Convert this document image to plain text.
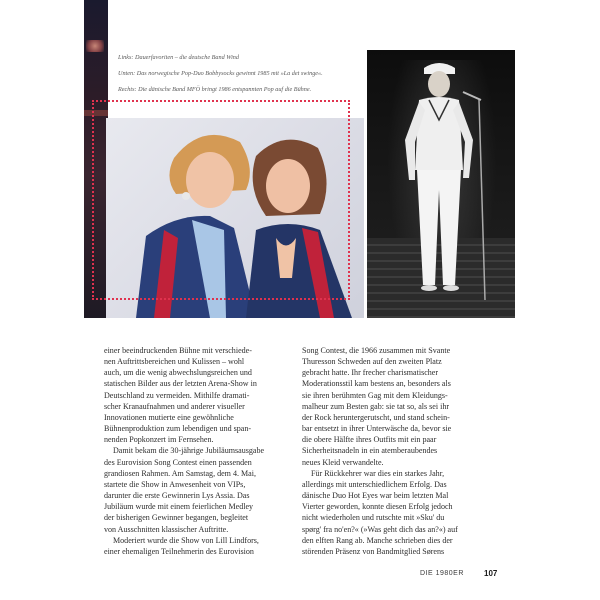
Links: Dauerfavoriten – die deutsche Band Wind

Unten: Das norwegische Pop-Duo Bobbysocks gewinnt 1985 mit »La det swinge«.

Rechts: Die dänische Band MFÖ bringt 1986 entspannten Pop auf die Bühne.

einer beeindruckenden Bühne mit verschiede-
nen Auftrittsbereichen und Kulissen – wohl
auch, um die wenig abwechslungsreichen und
statischen Bilder aus der letzten Arena-Show in
Deutschland zu vermeiden. Mithilfe dramati-
scher Kranaufnahmen und anderer visueller
Innovationen mutierte eine gewöhnliche
Bühnenproduktion zum lebendigen und span-
nenden Popkonzert im Fernsehen.
Damit bekam die 30-jährige Jubiläumsausgabe
des Eurovision Song Contest einen passenden
grandiosen Rahmen. Am Samstag, dem 4. Mai,
startete die Show in Anwesenheit von VIPs,
darunter die erste Gewinnerin Lys Assia. Das
Jubiläum wurde mit einem feierlichen Medley
der bisherigen Gewinner begangen, begleitet
von Ausschnitten klassischer Auftritte.
Moderiert wurde die Show von Lill Lindfors,
einer ehemaligen Teilnehmerin des Eurovision
Song Contest, die 1966 zusammen mit Svante
Thuresson Schweden auf den zweiten Platz
gebracht hatte. Ihr frecher charismatischer
Moderationsstil kam bestens an, besonders als
sie ihren berühmten Gag mit dem Kleidungs-
malheur zum Besten gab: sie tat so, als sei ihr
der Rock heruntergerutscht, und stand schein-
bar entsetzt in ihrer Unterwäsche da, bevor sie
die obere Hälfte ihres Outfits mit ein paar
Sicherheitsnadeln in ein atemberaubendes
neues Kleid verwandelte.
Für Rückkehrer war dies ein starkes Jahr,
allerdings mit unterschiedlichem Erfolg. Das
dänische Duo Hot Eyes war beim letzten Mal
Vierter geworden, konnte diesen Erfolg jedoch
nicht wiederholen und rutschte mit »Sku' du
spørg' fra no'en?« (»Was geht dich das an?«) auf
den elften Rang ab. Manche schrieben dies der
störenden Präsenz von Bandmitglied Sørens
DIE 1980ER	107
